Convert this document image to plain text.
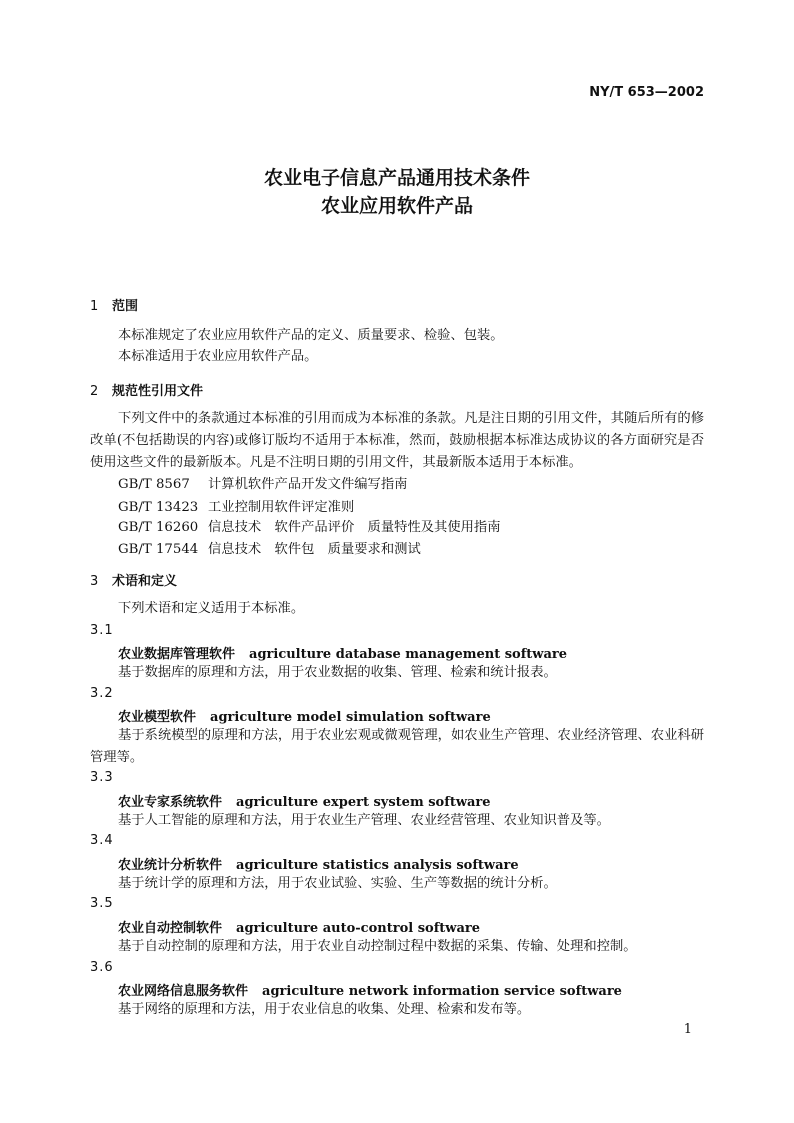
NY/T 653—2002
农业电子信息产品通用技术条件
农业应用软件产品
1 范围
本标准规定了农业应用软件产品的定义、质量要求、检验、包装。
本标准适用于农业应用软件产品。
2 规范性引用文件
下列文件中的条款通过本标准的引用而成为本标准的条款。凡是注日期的引用文件，其随后所有的修改单(不包括勘误的内容)或修订版均不适用于本标准，然而，鼓励根据本标准达成协议的各方面研究是否使用这些文件的最新版本。凡是不注明日期的引用文件，其最新版本适用于本标准。
GB/T 8567 计算机软件产品开发文件编写指南
GB/T 13423 工业控制用软件评定准则
GB/T 16260 信息技术　软件产品评价　质量特性及其使用指南
GB/T 17544 信息技术　软件包　质量要求和测试
3 术语和定义
下列术语和定义适用于本标准。
3.1
农业数据库管理软件 agriculture database management software
基于数据库的原理和方法，用于农业数据的收集、管理、检索和统计报表。
3.2
农业模型软件 agriculture model simulation software
基于系统模型的原理和方法，用于农业宏观或微观管理，如农业生产管理、农业经济管理、农业科研管理等。
3.3
农业专家系统软件 agriculture expert system software
基于人工智能的原理和方法，用于农业生产管理、农业经营管理、农业知识普及等。
3.4
农业统计分析软件 agriculture statistics analysis software
基于统计学的原理和方法，用于农业试验、实验、生产等数据的统计分析。
3.5
农业自动控制软件 agriculture auto-control software
基于自动控制的原理和方法，用于农业自动控制过程中数据的采集、传输、处理和控制。
3.6
农业网络信息服务软件 agriculture network information service software
基于网络的原理和方法，用于农业信息的收集、处理、检索和发布等。
1
